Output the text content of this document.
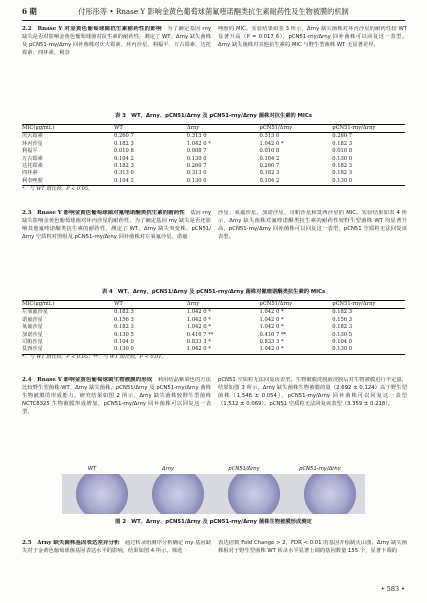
6 期	付彤彤等 • Rnase Y 影响金黄色葡萄球菌氟喹诺酮类抗生素耐药性及生物被膜的机制
2.2　Rnase Y 对金黄色葡萄球菌抗生素耐药性的影响　为了确定基因 rny 缺失是否对影响金黄色葡萄球菌对抗生素的耐药性，测定了 WT、Δrny 缺失菌株及 pCN51-rny/Δrny 回补菌株对庆大霉素、环丙沙星、利福平、万古霉素、达托霉素、四环素、利奈
唑胺的 MIC。实验结果如表 3 所示，Δrny 缺失菌株对环丙沙星的耐药性较 WT 显著升高（P = 0.017 6），pCN51-rny/Δrny 回补菌株可以回复这一表型。Δrny 缺失菌株对其他抗生素的 MIC 与野生型菌株 WT 无显著差异。
表 3　WT、Δrny、pCN51/Δrny 及 pCN51-rny/Δrny 菌株对抗生素的 MICs
MIC(μg/mL)	WT	Δrny	pCN51/Δrny	pCN51-rny/Δrny
庆大霉素	0.260 7	0.313 0	0.313 0	0.260 7
环丙沙星	0.182 3	1.042 0 *	1.042 0 *	0.182 3
利福平	0.010 8	0.008 7	0.010 8	0.010 8
万古霉素	0.104 2	0.130 0	0.104 2	0.130 0
达托霉素	0.182 3	0.260 7	0.260 7	0.182 3
四环素	0.313 0	0.313 0	0.182 3	0.182 3
利奈唑胺	0.104 2	0.130 0	0.104 2	0.130 0
*：与 WT 组比较，P < 0.05。
2.3　Rnase Y 影响金黄色葡萄球菌对氟喹诺酮类抗生素的耐药性　基因 rny 缺失影响金黄色葡萄球菌对环丙沙星的耐药性，为了确定基因 rny 缺失是否还影响其他氟喹诺酮类抗生素的耐药性，测定了 WT、Δrny 缺失突变株、pCN51/Δrny 空质粒对照组及 pCN51-rny/Δrny 回补菌株对左氧氟沙星、诺氟
沙星、氧氟沙星、加诺沙星、司帕沙星和莫西沙星的 MIC。实验结果如表 4 所示，Δrny 缺失菌株对氟喹诺酮类抗生素的耐药性较野生型菌株 WT 均显著升高，pCN51-rny/Δrny 回补菌株可以回复这一表型，pCN51 空质粒无法回复该表型。
表 4　WT、Δrny、pCN51/Δrny 及 pCN51-rny/Δrny 菌株对氟喹诺酮类抗生素的 MICs
MIC(μg/mL)	WT	Δrny	pCN51/Δrny	pCN51-rny/Δrny
左氧氟沙星	0.182 3	1.042 0 *	1.042 0 *	0.182 3
诺氟沙星	0.156 3	1.042 0 *	1.042 0 *	0.156 3
氧氟沙星	0.182 3	1.042 0 *	1.042 0 *	0.182 3
加诺沙星	0.130 5	0.416 7 **	0.416 7 **	0.130 5
司帕沙星	0.104 0	0.833 3 *	0.833 3 *	0.104 0
莫西沙星	0.130 0	1.042 0 *	1.042 0 *	0.130 0
*：与 WT 组比较，P < 0.05；**：与 WT 组比较，P < 0.01。
2.4　Rnase Y 影响金黄色葡萄球菌生物被膜的形成　利用结晶紫染色的方法比较野生型菌株 WT、Δrny 缺失菌株、pCN51/Δrny 及 pCN51-rny/Δrny 菌株生物被膜的形成能力。研究结果如图 2 所示，Δrny 缺失菌株较野生型菌株 NCTC8325 生物被膜形成增加，pCN51-rny/Δrny 回补菌株可以回复这一表型，
pCN51 空质粒无法回复该表型。生物被膜洗脱液洗脱后对生物被膜进行半定量，结果如图 3 所示，Δrny 缺失菌株生物被膜的量（2.692 ± 0.124）高于野生型菌株（1.546 ± 0.054），pCN51-rny/Δrny 回补菌株可以回复这一表型（1.512 ± 0.069），pCN51 空质粒无法回复该表型（3.359 ± 0.218）。
WT	Δrny	pCN51/Δrny	pCN51-rny/Δrny
图 2　WT、Δrny、pCN51/Δrny 及 pCN51-rny/Δrny 菌株生物被膜形成测定
2.5　Δrny 缺失菌株基因表达差异分析　通过转录组测序分析确定 rny 基因缺失对于金黄色葡萄球菌基因表达水平的影响，结果如图 4 所示。筛选
表达倍数 Fold Change > 2，FDR < 0.01 的基因并绘制火山图。Δrny 缺失菌株相对于野生型菌株 WT 转录水平显著上调的基因数量 155 个，显著下调的
• 583 •
